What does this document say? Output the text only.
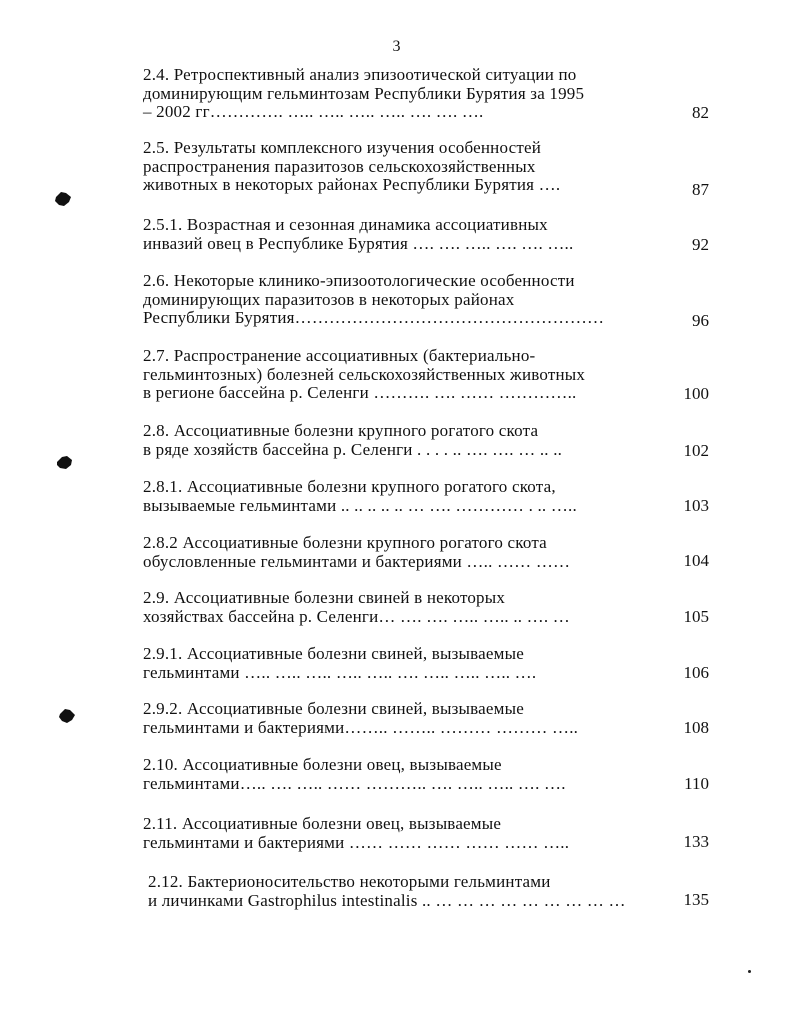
3
2.4. Ретроспективный анализ эпизоотической ситуации по
доминирующим гельминтозам Республики Бурятия за 1995
– 2002 гг…………. ….. ….. ….. ….. …. …. ….	82
2.5. Результаты комплексного изучения особенностей
распространения паразитозов сельскохозяйственных
животных в некоторых районах Республики Бурятия ….	87
2.5.1. Возрастная и сезонная динамика ассоциативных
инвазий овец в Республике Бурятия …. …. ….. …. …. …..	92
2.6. Некоторые клинико-эпизоотологические особенности
доминирующих паразитозов в некоторых районах
Республики Бурятия………………………………………………	96
2.7. Распространение ассоциативных (бактериально-
гельминтозных) болезней сельскохозяйственных животных
в регионе бассейна р. Селенги ………. …. …… …………..	100
2.8. Ассоциативные болезни крупного рогатого скота
в ряде хозяйств бассейна р. Селенги . . . . .. …. …. … .. ..	102
2.8.1. Ассоциативные болезни крупного рогатого скота,
вызываемые гельминтами .. .. .. .. .. … …. ………… . .. …..	103
2.8.2 Ассоциативные болезни крупного рогатого скота
обусловленные гельминтами и бактериями ….. …… ……	104
2.9. Ассоциативные болезни свиней в некоторых
хозяйствах бассейна р. Селенги… …. …. ….. ….. .. …. …	105
2.9.1. Ассоциативные болезни свиней, вызываемые
гельминтами ….. ….. ….. ….. ….. …. ….. ….. ….. ….	106
2.9.2. Ассоциативные болезни свиней, вызываемые
гельминтами и бактериями…….. …….. ……… ……… …..	108
2.10. Ассоциативные болезни овец, вызываемые
гельминтами….. …. ….. …… ……….. …. ….. ….. …. ….	110
2.11. Ассоциативные болезни овец, вызываемые
гельминтами и бактериями …… …… …… …… …… …..	133
2.12. Бактерионосительство некоторыми гельминтами
и личинками Gastrophilus intestinalis .. … … … … … … … … …	135
